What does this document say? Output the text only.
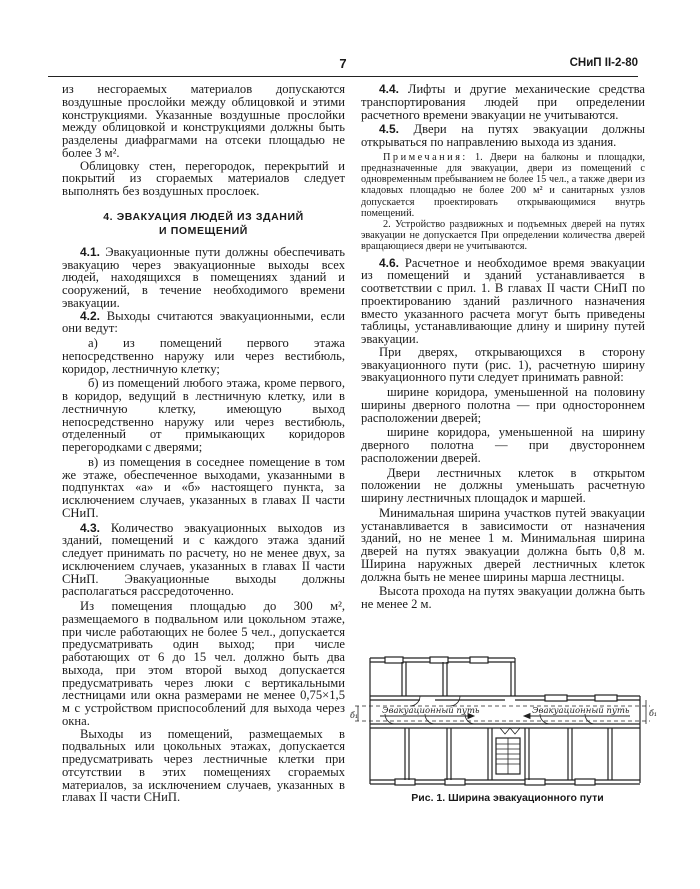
7	СНиП II-2-80

из несгораемых материалов допускаются воздушные прослойки между облицовкой и этими конструкциями. Указанные воздушные прослойки между облицовкой и конструкциями должны быть разделены диафрагмами на отсеки площадью не более 3 м².

Облицовку стен, перегородок, перекрытий и покрытий из сгораемых материалов следует выполнять без воздушных прослоек.

4. ЭВАКУАЦИЯ ЛЮДЕЙ ИЗ ЗДАНИЙ
И ПОМЕЩЕНИЙ

4.1. Эвакуационные пути должны обеспечивать эвакуацию через эвакуационные выходы всех людей, находящихся в помещениях зданий и сооружений, в течение необходимого времени эвакуации.

4.2. Выходы считаются эвакуационными, если они ведут:

а) из помещений первого этажа непосредственно наружу или через вестибюль, коридор, лестничную клетку;

б) из помещений любого этажа, кроме первого, в коридор, ведущий в лестничную клетку, или в лестничную клетку, имеющую выход непосредственно наружу или через вестибюль, отделенный от примыкающих коридоров перегородками с дверями;

в) из помещения в соседнее помещение в том же этаже, обеспеченное выходами, указанными в подпунктах «а» и «б» настоящего пункта, за исключением случаев, указанных в главах II части СНиП.

4.3. Количество эвакуационных выходов из зданий, помещений и с каждого этажа зданий следует принимать по расчету, но не менее двух, за исключением случаев, указанных в главах II части СНиП. Эвакуационные выходы должны располагаться рассредоточенно.

Из помещения площадью до 300 м², размещаемого в подвальном или цокольном этаже, при числе работающих не более 5 чел., допускается предусматривать один выход; при числе работающих от 6 до 15 чел. должно быть два выхода, при этом второй выход допускается предусматривать через люки с вертикальными лестницами или окна размерами не менее 0,75×1,5 м с устройством приспособлений для выхода через окна.

Выходы из помещений, размещаемых в подвальных или цокольных этажах, допускается предусматривать через лестничные клетки при отсутствии в этих помещениях сгораемых материалов, за исключением случаев, указанных в главах II части СНиП.

4.4. Лифты и другие механические средства транспортирования людей при определении расчетного времени эвакуации не учитываются.

4.5. Двери на путях эвакуации должны открываться по направлению выхода из здания.

Примечания: 1. Двери на балконы и площадки, предназначенные для эвакуации, двери из помещений с одновременным пребыванием не более 15 чел., а также двери из кладовых площадью не более 200 м² и санитарных узлов допускается проектировать открывающимися внутрь помещений.

2. Устройство раздвижных и подъемных дверей на путях эвакуации не допускается При определении количества дверей вращающиеся двери не учитываются.

4.6. Расчетное и необходимое время эвакуации из помещений и зданий устанавливается в соответствии с прил. 1. В главах II части СНиП по проектированию зданий различного назначения вместо указанного расчета могут быть приведены таблицы, устанавливающие длину и ширину путей эвакуации.

При дверях, открывающихся в сторону эвакуационного пути (рис. 1), расчетную ширину эвакуационного пути следует принимать равной:

ширине коридора, уменьшенной на половину ширины дверного полотна — при одностороннем расположении дверей;

ширине коридора, уменьшенной на ширину дверного полотна — при двустороннем расположении дверей.

Двери лестничных клеток в открытом положении не должны уменьшать расчетную ширину лестничных площадок и маршей.

Минимальная ширина участков путей эвакуации устанавливается в зависимости от назначения зданий, но не менее 1 м. Минимальная ширина дверей на путях эвакуации должна быть 0,8 м. Ширина наружных дверей лестничных клеток должна быть не менее ширины марша лестницы.

Высота прохода на путях эвакуации должна быть не менее 2 м.

Эвакуационный путь	Эвакуационный путь
б₁	б₁
Рис. 1. Ширина эвакуационного пути
